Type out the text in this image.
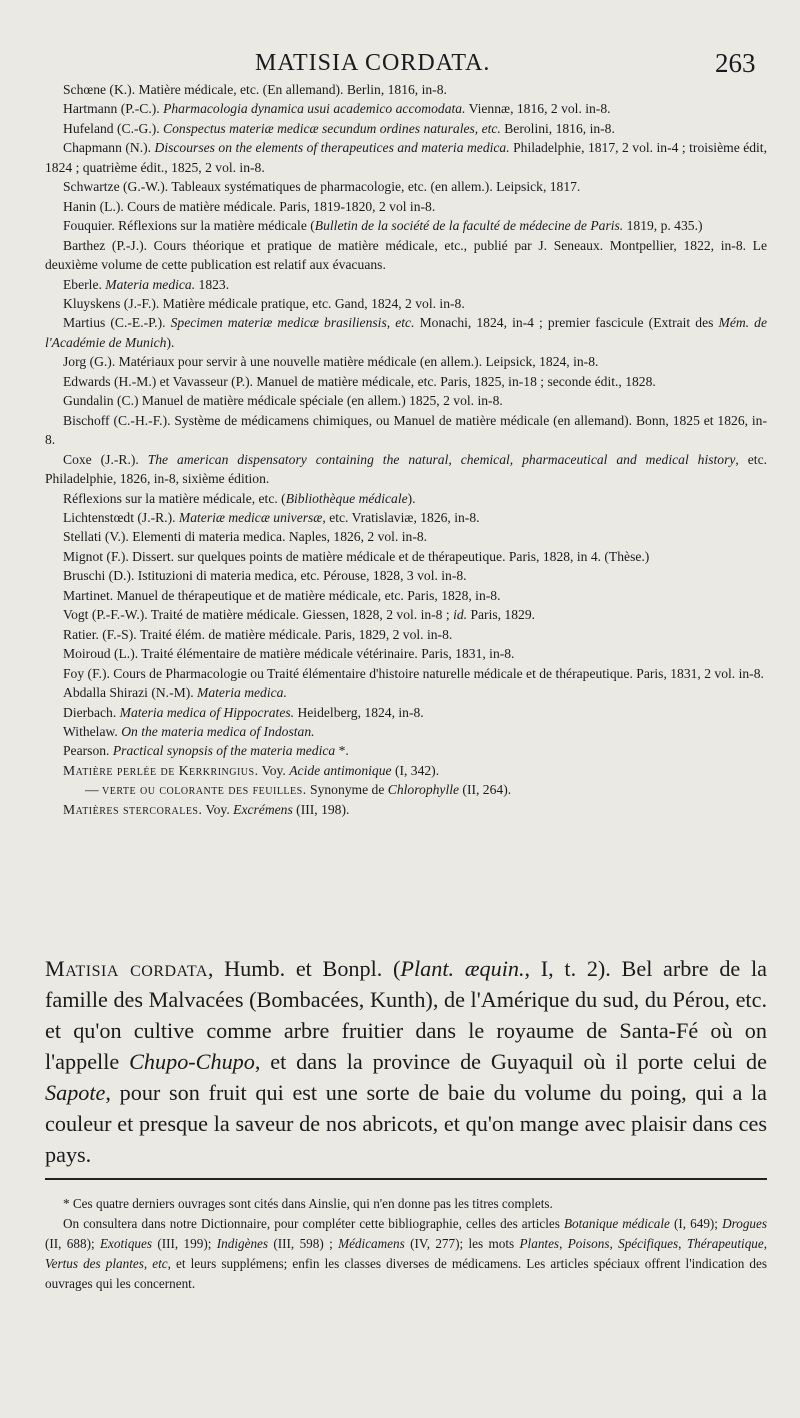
MATISIA CORDATA.	263

Schœne (K.). Matière médicale, etc. (En allemand). Berlin, 1816, in-8.

Hartmann (P.-C.). Pharmacologia dynamica usui academico accomodata. Viennæ, 1816, 2 vol. in-8.

Hufeland (C.-G.). Conspectus materiæ medicæ secundum ordines naturales, etc. Berolini, 1816, in-8.

Chapmann (N.). Discourses on the elements of therapeutices and materia medica. Philadelphie, 1817, 2 vol. in-4 ; troisième édit, 1824 ; quatrième édit., 1825, 2 vol. in-8.

Schwartze (G.-W.). Tableaux systématiques de pharmacologie, etc. (en allem.). Leipsick, 1817.

Hanin (L.). Cours de matière médicale. Paris, 1819-1820, 2 vol in-8.

Fouquier. Réflexions sur la matière médicale (Bulletin de la société de la faculté de médecine de Paris. 1819, p. 435.)

Barthez (P.-J.). Cours théorique et pratique de matière médicale, etc., publié par J. Seneaux. Montpellier, 1822, in-8. Le deuxième volume de cette publication est relatif aux évacuans.

Eberle. Materia medica. 1823.

Kluyskens (J.-F.). Matière médicale pratique, etc. Gand, 1824, 2 vol. in-8.

Martius (C.-E.-P.). Specimen materiæ medicæ brasiliensis, etc. Monachi, 1824, in-4 ; premier fascicule (Extrait des Mém. de l'Académie de Munich).

Jorg (G.). Matériaux pour servir à une nouvelle matière médicale (en allem.). Leipsick, 1824, in-8.

Edwards (H.-M.) et Vavasseur (P.). Manuel de matière médicale, etc. Paris, 1825, in-18 ; seconde édit., 1828.

Gundalin (C.) Manuel de matière médicale spéciale (en allem.) 1825, 2 vol. in-8.

Bischoff (C.-H.-F.). Système de médicamens chimiques, ou Manuel de matière médicale (en allemand). Bonn, 1825 et 1826, in-8.

Coxe (J.-R.). The american dispensatory containing the natural, chemical, pharmaceutical and medical history, etc. Philadelphie, 1826, in-8, sixième édition.

Réflexions sur la matière médicale, etc. (Bibliothèque médicale).

Lichtenstœdt (J.-R.). Materiæ medicæ universæ, etc. Vratislaviæ, 1826, in-8.

Stellati (V.). Elementi di materia medica. Naples, 1826, 2 vol. in-8.

Mignot (F.). Dissert. sur quelques points de matière médicale et de thérapeutique. Paris, 1828, in 4. (Thèse.)

Bruschi (D.). Istituzioni di materia medica, etc. Pérouse, 1828, 3 vol. in-8.

Martinet. Manuel de thérapeutique et de matière médicale, etc. Paris, 1828, in-8.

Vogt (P.-F.-W.). Traité de matière médicale. Giessen, 1828, 2 vol. in-8 ; id. Paris, 1829.

Ratier. (F.-S). Traité élém. de matière médicale. Paris, 1829, 2 vol. in-8.

Moiroud (L.). Traité élémentaire de matière médicale vétérinaire. Paris, 1831, in-8.

Foy (F.). Cours de Pharmacologie ou Traité élémentaire d'histoire naturelle médicale et de thérapeutique. Paris, 1831, 2 vol. in-8.

Abdalla Shirazi (N.-M). Materia medica.

Dierbach. Materia medica of Hippocrates. Heidelberg, 1824, in-8.

Withelaw. On the materia medica of Indostan.

Pearson. Practical synopsis of the materia medica *.

Matière perlée de Kerkringius. Voy. Acide antimonique (I, 342).

— verte ou colorante des feuilles. Synonyme de Chlorophylle (II, 264).

Matières stercorales. Voy. Excrémens (III, 198).

Matisia cordata, Humb. et Bonpl. (Plant. æquin., I, t. 2). Bel arbre de la famille des Malvacées (Bombacées, Kunth), de l'Amérique du sud, du Pérou, etc. et qu'on cultive comme arbre fruitier dans le royaume de Santa-Fé où on l'appelle Chupo-Chupo, et dans la province de Guyaquil où il porte celui de Sapote, pour son fruit qui est une sorte de baie du volume du poing, qui a la couleur et presque la saveur de nos abricots, et qu'on mange avec plaisir dans ces pays.

* Ces quatre derniers ouvrages sont cités dans Ainslie, qui n'en donne pas les titres complets.

On consultera dans notre Dictionnaire, pour compléter cette bibliographie, celles des articles Botanique médicale (I, 649); Drogues (II, 688); Exotiques (III, 199); Indigènes (III, 598) ; Médicamens (IV, 277); les mots Plantes, Poisons, Spécifiques, Thérapeutique, Vertus des plantes, etc, et leurs supplémens; enfin les classes diverses de médicamens. Les articles spéciaux offrent l'indication des ouvrages qui les concernent.
